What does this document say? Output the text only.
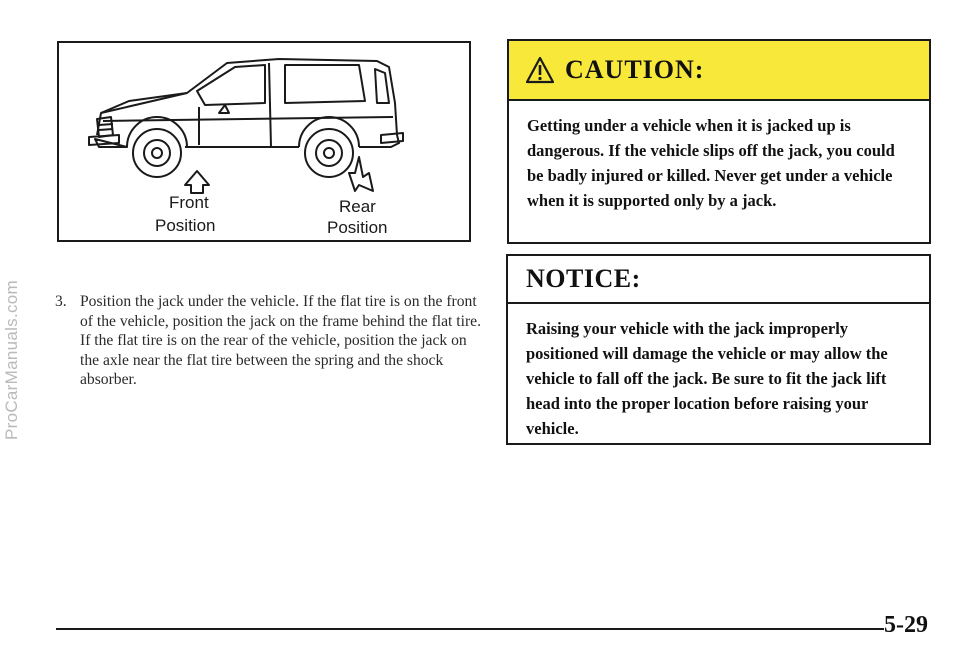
ProCarManuals.com
Front
Position
Rear
Position
3. Position the jack under the vehicle. If the flat tire is on the front of the vehicle, position the jack on the frame behind the flat tire. If the flat tire is on the rear of the vehicle, position the jack on the axle near the flat tire between the spring and the shock absorber.
CAUTION:
Getting under a vehicle when it is jacked up is dangerous. If the vehicle slips off the jack, you could be badly injured or killed. Never get under a vehicle when it is supported only by a jack.
NOTICE:
Raising your vehicle with the jack improperly positioned will damage the vehicle or may allow the vehicle to fall off the jack. Be sure to fit the jack lift head into the proper location before raising your vehicle.
5-29
